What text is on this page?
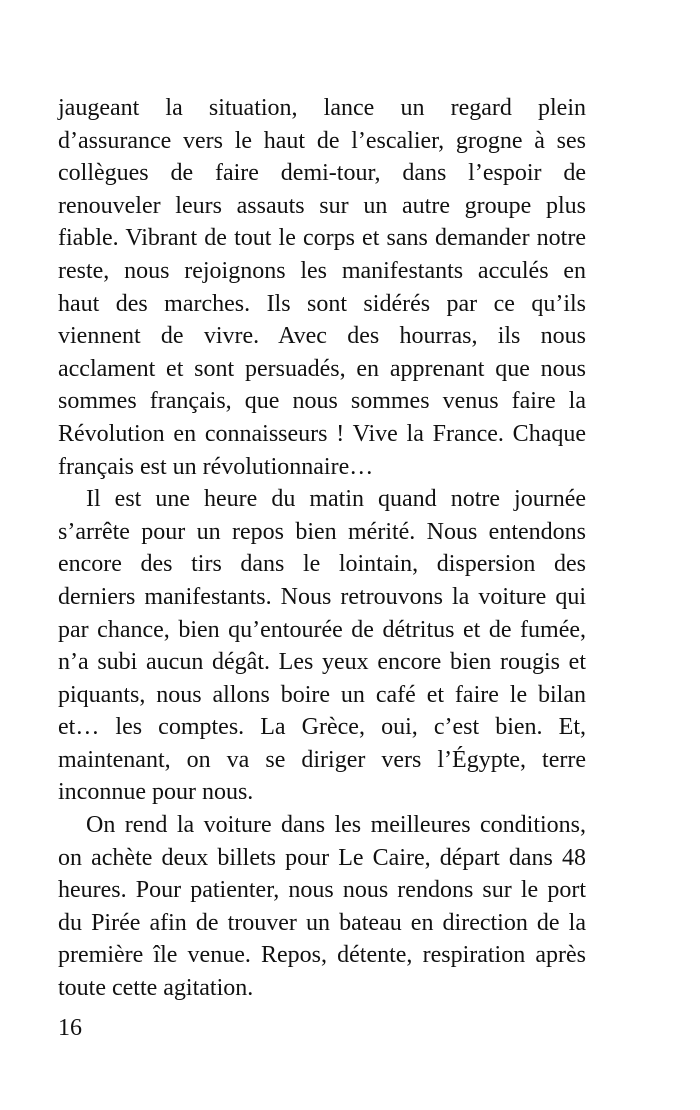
jaugeant la situation, lance un regard plein
d’assurance vers le haut de l’escalier, grogne à ses
collègues de faire demi-tour, dans l’espoir de
renouveler leurs assauts sur un autre groupe plus
fiable. Vibrant de tout le corps et sans demander notre
reste, nous rejoignons les manifestants acculés en
haut des marches. Ils sont sidérés par ce qu’ils
viennent de vivre. Avec des hourras, ils nous
acclament et sont persuadés, en apprenant que nous
sommes français, que nous sommes venus faire la
Révolution en connaisseurs ! Vive la France. Chaque
français est un révolutionnaire…

Il est une heure du matin quand notre journée
s’arrête pour un repos bien mérité. Nous entendons
encore des tirs dans le lointain, dispersion des
derniers manifestants. Nous retrouvons la voiture qui
par chance, bien qu’entourée de détritus et de fumée,
n’a subi aucun dégât. Les yeux encore bien rougis et
piquants, nous allons boire un café et faire le bilan
et… les comptes. La Grèce, oui, c’est bien. Et,
maintenant, on va se diriger vers l’Égypte, terre
inconnue pour nous.

On rend la voiture dans les meilleures conditions,
on achète deux billets pour Le Caire, départ dans 48
heures. Pour patienter, nous nous rendons sur le port
du Pirée afin de trouver un bateau en direction de la
première île venue. Repos, détente, respiration après
toute cette agitation.

16
